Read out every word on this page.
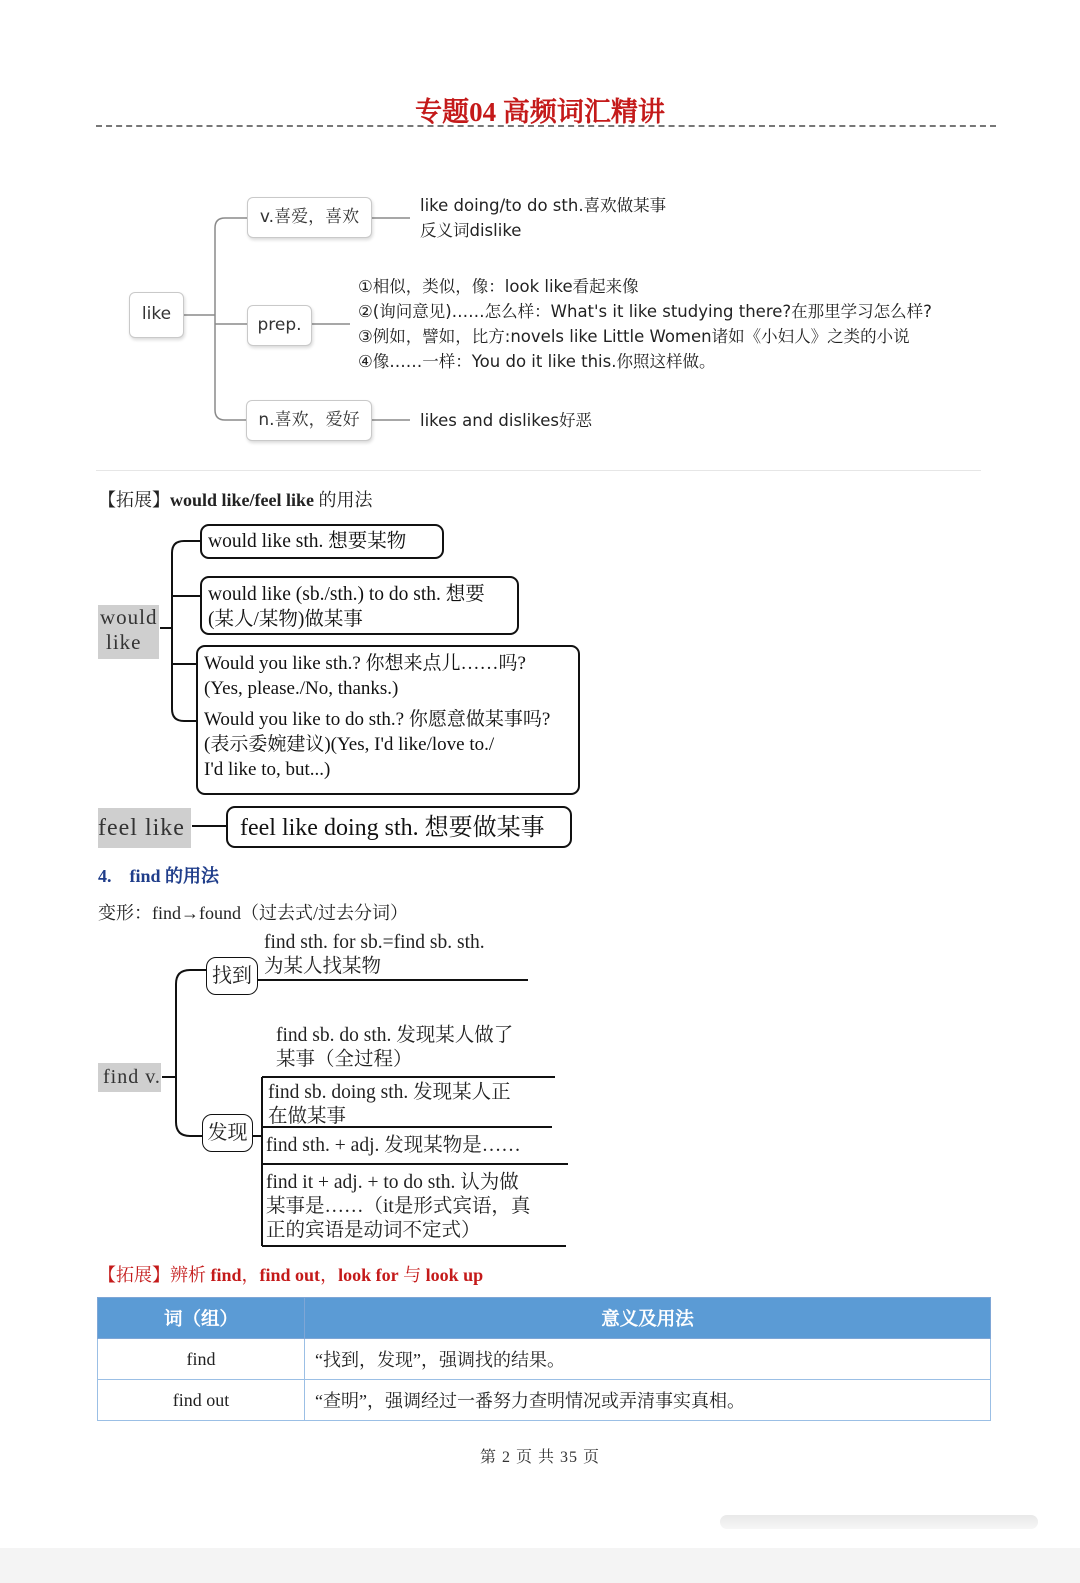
专题04 高频词汇精讲
like
v.喜爱，喜欢
like doing/to do sth.喜欢做某事
反义词dislike
prep.
①相似，类似，像：look like看起来像
②(询问意见)……怎么样：What's it like studying there?在那里学习怎么样?
③例如，譬如，比方:novels like Little Women诸如《小妇人》之类的小说
④像……一样：You do it like this.你照这样做。
n.喜欢，爱好	likes and dislikes好恶
【拓展】would like/feel like 的用法
would
like
would like sth. 想要某物
would like (sb./sth.) to do sth. 想要
(某人/某物)做某事
Would you like sth.? 你想来点儿……吗?
(Yes, please./No, thanks.)
Would you like to do sth.? 你愿意做某事吗?
(表示委婉建议)(Yes, I'd like/love to./
I'd like to, but...)
feel like	feel like doing sth. 想要做某事
4. find 的用法
变形：find→found（过去式/过去分词）
find v.
找到
find sth. for sb.=find sb. sth.
为某人找某物
发现
find sb. do sth. 发现某人做了
某事（全过程）
find sb. doing sth. 发现某人正
在做某事
find sth. + adj. 发现某物是……
find it + adj. + to do sth. 认为做
某事是……（it是形式宾语，真
正的宾语是动词不定式）
【拓展】辨析 find，find out，look for 与 look up
词（组）	意义及用法
find	“找到，发现”，强调找的结果。
find out	“查明”，强调经过一番努力查明情况或弄清事实真相。
第 2 页 共 35 页
